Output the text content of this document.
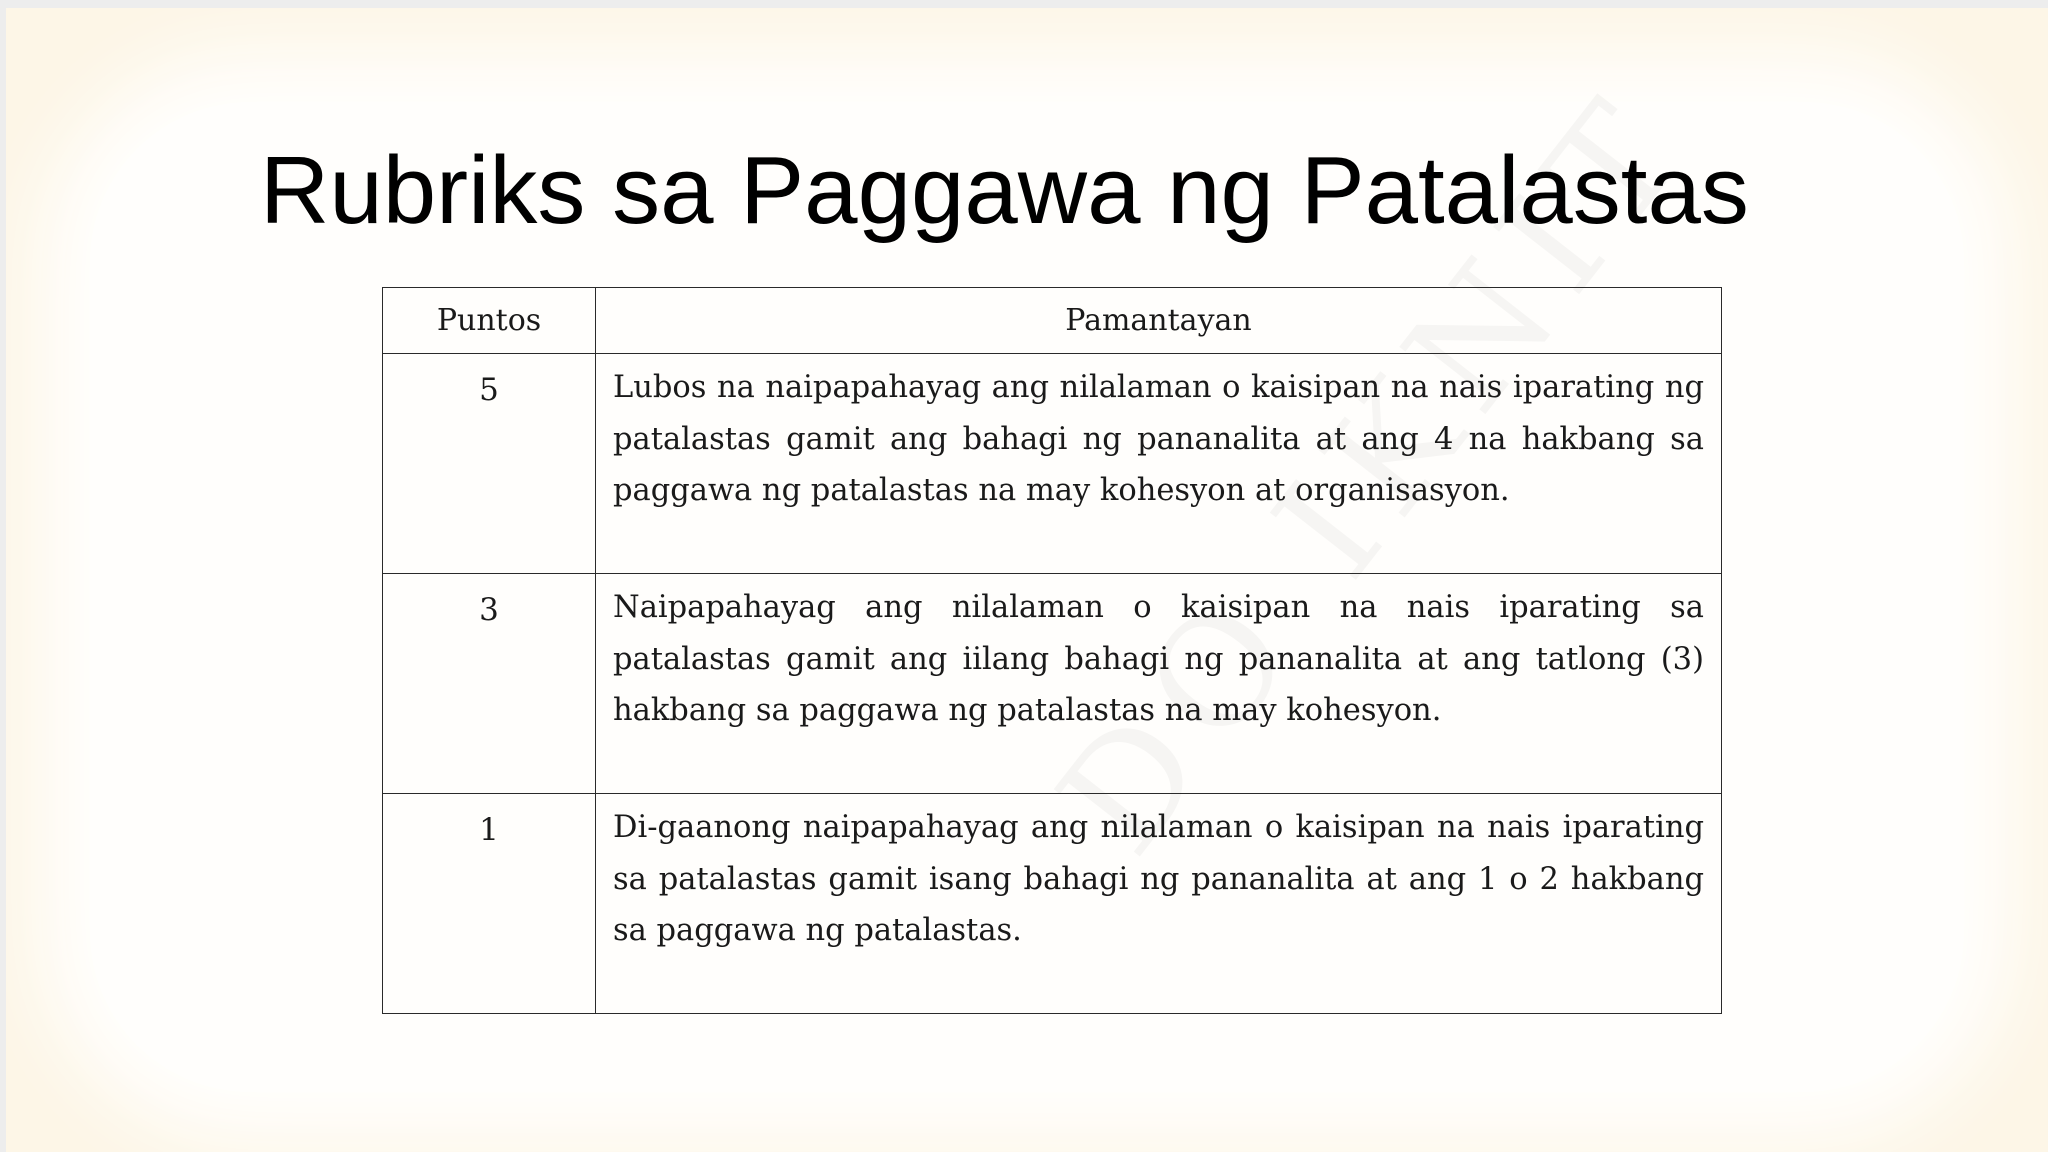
Rubriks sa Paggawa ng Patalastas
Puntos	Pamantayan
5	Lubos na naipapahayag ang nilalaman o kaisipan na nais iparating ng patalastas gamit ang bahagi ng pananalita at ang 4 na hakbang sa paggawa ng patalastas na may kohesyon at organisasyon.
3	Naipapahayag ang nilalaman o kaisipan na nais iparating sa patalastas gamit ang iilang bahagi ng pananalita at ang tatlong (3) hakbang sa paggawa ng patalastas na may kohesyon.
1	Di-gaanong naipapahayag ang nilalaman o kaisipan na nais iparating sa patalastas gamit isang bahagi ng pananalita at ang 1 o 2 hakbang sa paggawa ng patalastas.
